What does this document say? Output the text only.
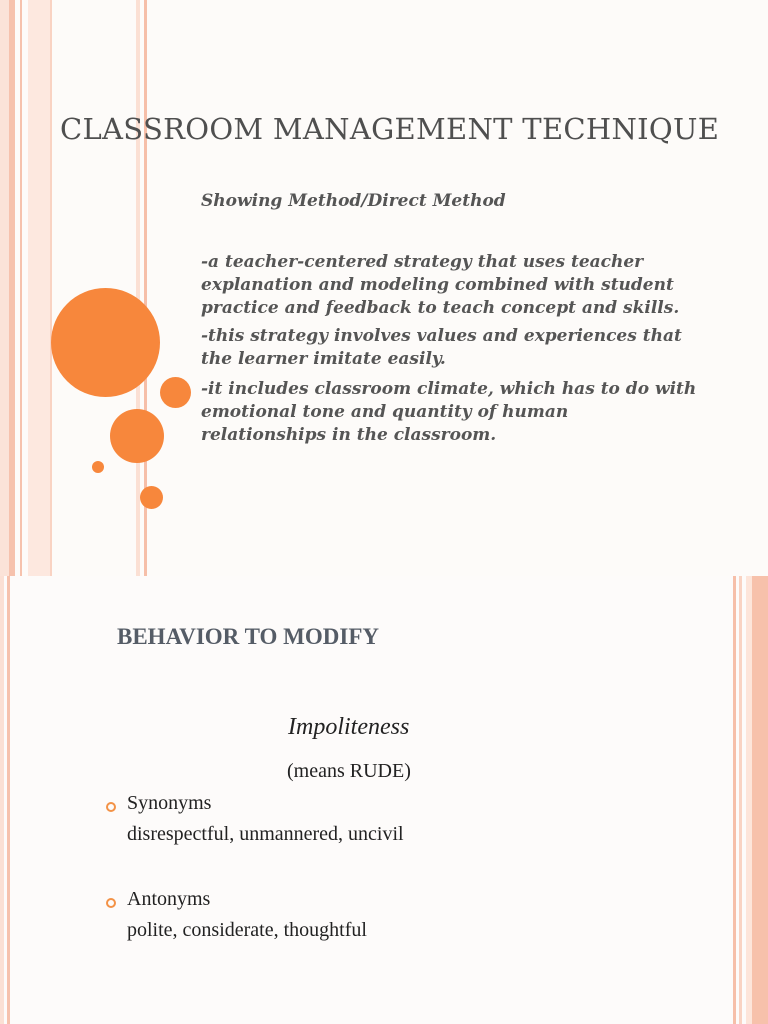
CLASSROOM MANAGEMENT TECHNIQUE
Showing Method/Direct Method
-a teacher-centered strategy that uses teacher
explanation and modeling combined with student
practice and feedback to teach concept and skills.
-this strategy involves values and experiences that
the learner imitate easily.
-it includes classroom climate, which has to do with
emotional tone and quantity of human
relationships in the classroom.
BEHAVIOR TO MODIFY
Impoliteness
(means RUDE)
Synonyms
disrespectful, unmannered, uncivil
Antonyms
polite, considerate, thoughtful
